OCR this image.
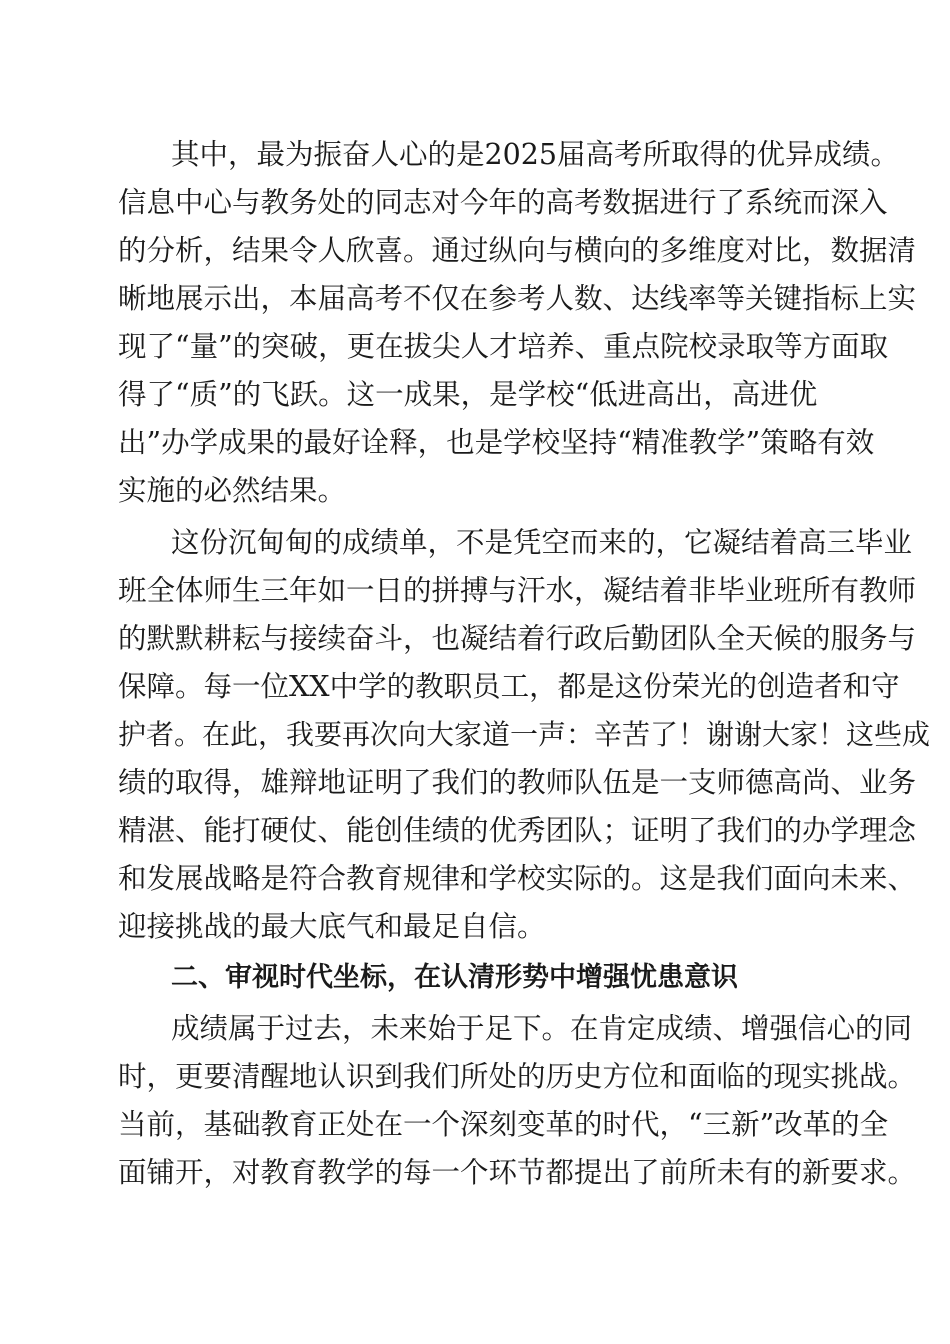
其中，最为振奋人心的是2025届高考所取得的优异成绩。
信息中心与教务处的同志对今年的高考数据进行了系统而深入
的分析，结果令人欣喜。通过纵向与横向的多维度对比，数据清
晰地展示出，本届高考不仅在参考人数、达线率等关键指标上实
现了“量”的突破，更在拔尖人才培养、重点院校录取等方面取
得了“质”的飞跃。这一成果，是学校“低进高出，高进优
出”办学成果的最好诠释，也是学校坚持“精准教学”策略有效
实施的必然结果。
这份沉甸甸的成绩单，不是凭空而来的，它凝结着高三毕业
班全体师生三年如一日的拼搏与汗水，凝结着非毕业班所有教师
的默默耕耘与接续奋斗，也凝结着行政后勤团队全天候的服务与
保障。每一位XX中学的教职员工，都是这份荣光的创造者和守
护者。在此，我要再次向大家道一声：辛苦了！谢谢大家！这些成
绩的取得，雄辩地证明了我们的教师队伍是一支师德高尚、业务
精湛、能打硬仗、能创佳绩的优秀团队；证明了我们的办学理念
和发展战略是符合教育规律和学校实际的。这是我们面向未来、
迎接挑战的最大底气和最足自信。
二、审视时代坐标，在认清形势中增强忧患意识
成绩属于过去，未来始于足下。在肯定成绩、增强信心的同
时，更要清醒地认识到我们所处的历史方位和面临的现实挑战。
当前，基础教育正处在一个深刻变革的时代，“三新”改革的全
面铺开，对教育教学的每一个环节都提出了前所未有的新要求。
